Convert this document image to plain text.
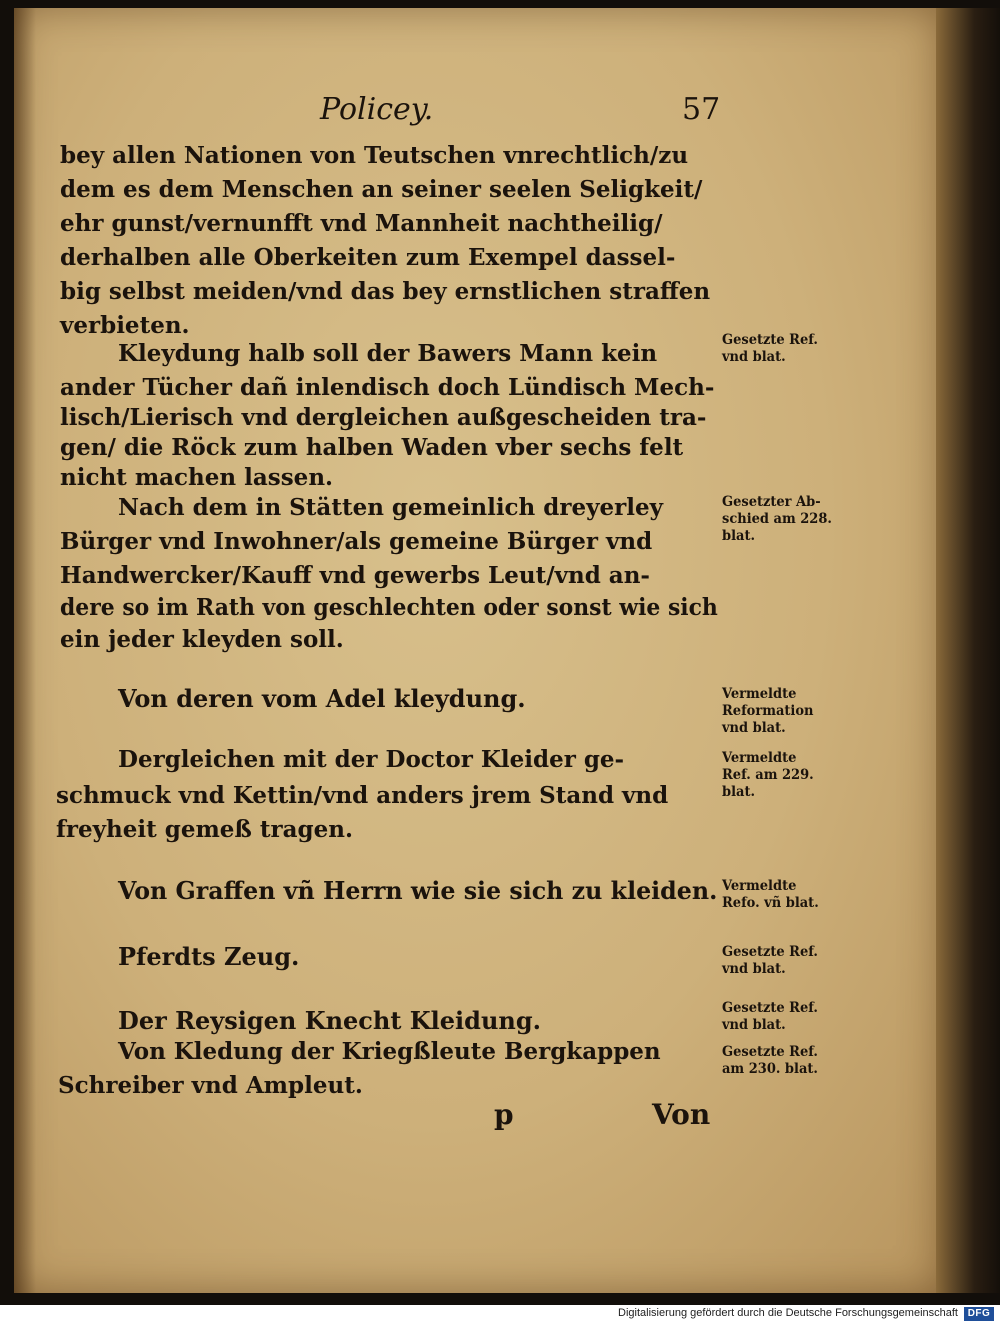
Policey.	57
bey allen Nationen von Teutschen vnrechtlich/zu
dem es dem Menschen an seiner seelen Seligkeit/
ehr gunst/vernunfft vnd Mannheit nachtheilig/
derhalben alle Oberkeiten zum Exempel dassel-
big selbst meiden/vnd das bey ernstlichen straffen
verbieten.
Kleydung halb soll der Bawers Mann kein
ander Tücher dañ inlendisch doch Lündisch Mech-
lisch/Lierisch vnd dergleichen außgescheiden tra-
gen/ die Röck zum halben Waden vber sechs felt
nicht machen lassen.
Nach dem in Stätten gemeinlich dreyerley
Bürger vnd Inwohner/als gemeine Bürger vnd
Handwercker/Kauff vnd gewerbs Leut/vnd an-
dere so im Rath von geschlechten oder sonst wie sich
ein jeder kleyden soll.
Von deren vom Adel kleydung.
Dergleichen mit der Doctor Kleider ge-
schmuck vnd Kettin/vnd anders jrem Stand vnd
freyheit gemeß tragen.
Von Graffen vñ Herrn wie sie sich zu kleiden.
Pferdts Zeug.
Der Reysigen Knecht Kleidung.
Von Kledung der Kriegßleute Bergkappen
Schreiber vnd Ampleut.
Gesetzte Ref.
vnd blat.
Gesetzter Ab-
schied am 228.
blat.
Vermeldte
Reformation
vnd blat.
Vermeldte
Ref. am 229.
blat.
Vermeldte
Refo. vñ blat.
Gesetzte Ref.
vnd blat.
Gesetzte Ref.
vnd blat.
Gesetzte Ref.
am 230. blat.
p	Von
Digitalisierung gefördert durch die Deutsche Forschungsgemeinschaft DFG
